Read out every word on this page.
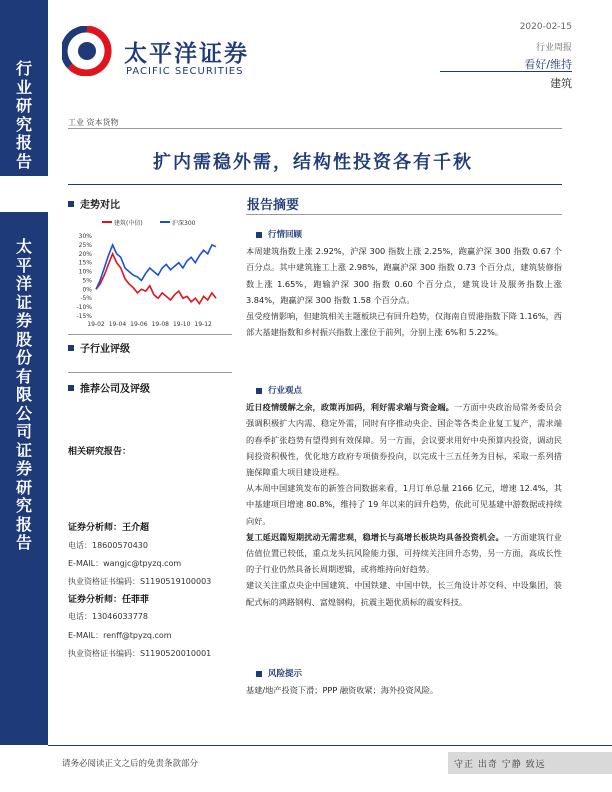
行
业
研
究
报
告
太
平
洋
证
券
股
份
有
限
公
司
证
券
研
究
报
告
太平洋证券
PACIFIC SECURITIES
2020-02-15
行业周报
看好/维持
建筑
工业 资本货物
扩内需稳外需，结构性投资各有千秋
走势对比
建筑(中信)	沪深300
30%
25%
20%
15%
10%
5%
0%
-5%
-10%
-15%
19-02 19-04 19-06 19-08 19-10 19-12
子行业评级
推荐公司及评级
相关研究报告：
证券分析师：王介超
电话：18600570430
E-MAIL：wangjc@tpyzq.com
执业资格证书编码：S1190519100003
证券分析师：任菲菲
电话：13046033778
E-MAIL：renff@tpyzq.com
执业资格证书编码：S1190520010001
报告摘要
行情回顾

本周建筑指数上涨 2.92%，沪深 300 指数上涨 2.25%，跑赢沪深 300 指数 0.67 个百分点。其中建筑施工上涨 2.98%，跑赢沪深 300 指数 0.73 个百分点，建筑装修指数上涨 1.65%，跑输沪深 300 指数 0.60 个百分点，建筑设计及服务指数上涨 3.84%，跑赢沪深 300 指数 1.58 个百分点。

虽受疫情影响，但建筑相关主题板块已有回升趋势，仅海南自贸港指数下降 1.16%，西部大基建指数和乡村振兴指数上涨位于前列，分别上涨 6%和 5.22%。

行业观点

近日疫情缓解之余，政策再加码，利好需求端与资金端。一方面中央政治局常务委员会强调积极扩大内需、稳定外需，同时有序推动央企、国企等各类企业复工复产，需求端的春季扩张趋势有望得到有效保障。另一方面，会议要求用好中央预算内投资，调动民间投资积极性，优化地方政府专项债券投向，以完成十三五任务为目标，采取一系列措施保障重大项目建设进程。

从本周中国建筑发布的新签合同数据来看，1月订单总量 2166 亿元，增速 12.4%，其中基建项目增速 80.8%，维持了 19 年以来的回升趋势，依此可见基建中游数据或持续向好。

复工延迟篇短期扰动无需悲观，稳增长与高增长板块均具备投资机会。一方面建筑行业估值位置已较低，重点龙头抗风险能力强，可持续关注回升态势，另一方面，高成长性的子行业仍然具备长周期逻辑，或将维持向好趋势。

建议关注重点央企中国建筑、中国铁建、中国中铁，长三角设计苏交科、中设集团，装配式标的鸿路钢构、富煌钢构，抗震主题优质标的震安科技。

风险提示

基建/地产投资下滑；PPP 融资收紧；海外投资风险。

请务必阅读正文之后的免责条款部分	守正 出奇 宁静 致远
